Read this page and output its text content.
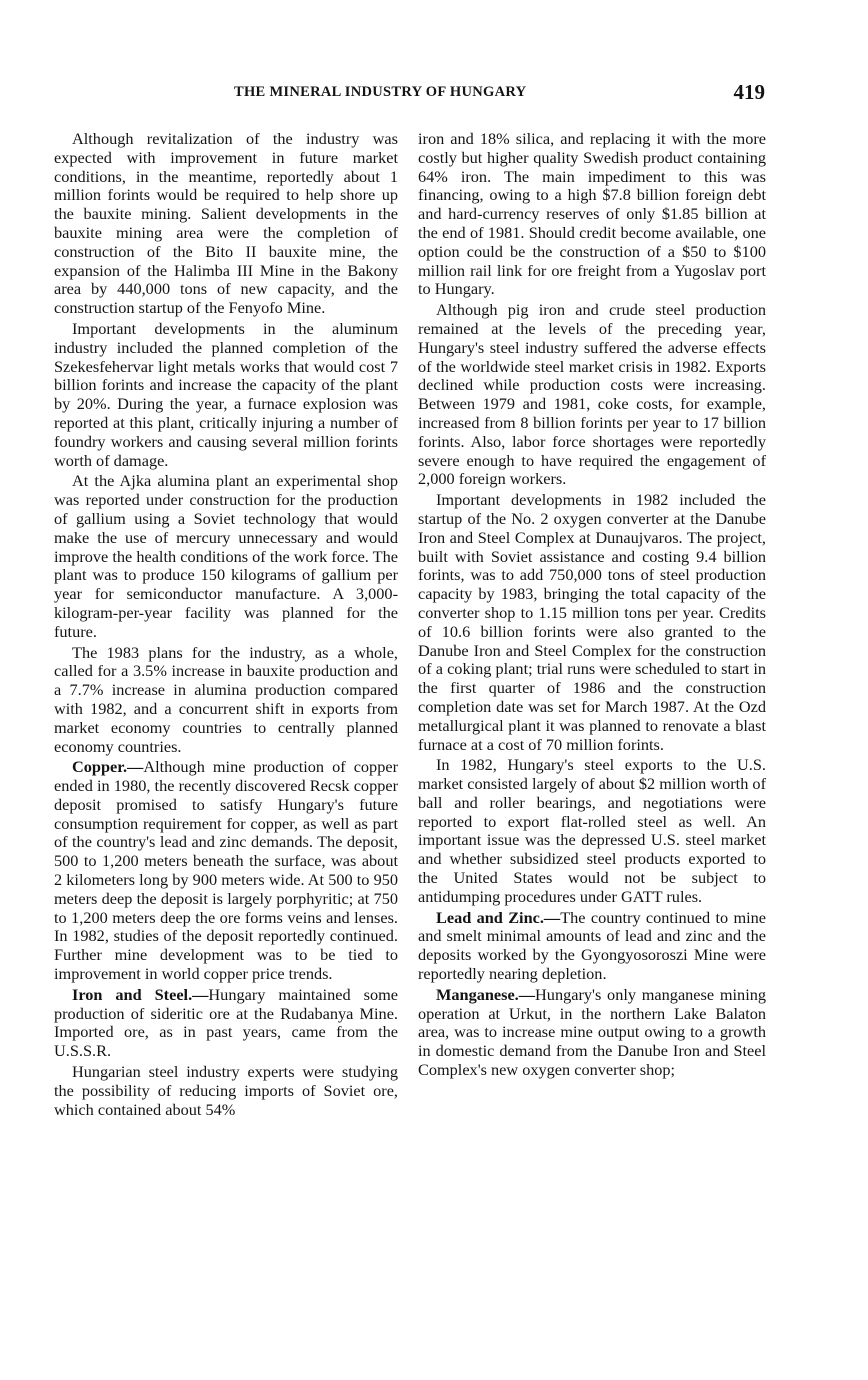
THE MINERAL INDUSTRY OF HUNGARY	419

Although revitalization of the industry was expected with improvement in future market conditions, in the meantime, reportedly about 1 million forints would be required to help shore up the bauxite mining. Salient developments in the bauxite mining area were the completion of construction of the Bito II bauxite mine, the expansion of the Halimba III Mine in the Bakony area by 440,000 tons of new capacity, and the construction startup of the Fenyofo Mine.

Important developments in the aluminum industry included the planned completion of the Szekesfehervar light metals works that would cost 7 billion forints and increase the capacity of the plant by 20%. During the year, a furnace explosion was reported at this plant, critically injuring a number of foundry workers and causing several million forints worth of damage.

At the Ajka alumina plant an experimental shop was reported under construction for the production of gallium using a Soviet technology that would make the use of mercury unnecessary and would improve the health conditions of the work force. The plant was to produce 150 kilograms of gallium per year for semiconductor manufacture. A 3,000-kilogram-per-year facility was planned for the future.

The 1983 plans for the industry, as a whole, called for a 3.5% increase in bauxite production and a 7.7% increase in alumina production compared with 1982, and a concurrent shift in exports from market economy countries to centrally planned economy countries.

Copper.—Although mine production of copper ended in 1980, the recently discovered Recsk copper deposit promised to satisfy Hungary's future consumption requirement for copper, as well as part of the country's lead and zinc demands. The deposit, 500 to 1,200 meters beneath the surface, was about 2 kilometers long by 900 meters wide. At 500 to 950 meters deep the deposit is largely porphyritic; at 750 to 1,200 meters deep the ore forms veins and lenses. In 1982, studies of the deposit reportedly continued. Further mine development was to be tied to improvement in world copper price trends.

Iron and Steel.—Hungary maintained some production of sideritic ore at the Rudabanya Mine. Imported ore, as in past years, came from the U.S.S.R.

Hungarian steel industry experts were studying the possibility of reducing imports of Soviet ore, which contained about 54%

iron and 18% silica, and replacing it with the more costly but higher quality Swedish product containing 64% iron. The main impediment to this was financing, owing to a high $7.8 billion foreign debt and hard-currency reserves of only $1.85 billion at the end of 1981. Should credit become available, one option could be the construction of a $50 to $100 million rail link for ore freight from a Yugoslav port to Hungary.

Although pig iron and crude steel production remained at the levels of the preceding year, Hungary's steel industry suffered the adverse effects of the worldwide steel market crisis in 1982. Exports declined while production costs were increasing. Between 1979 and 1981, coke costs, for example, increased from 8 billion forints per year to 17 billion forints. Also, labor force shortages were reportedly severe enough to have required the engagement of 2,000 foreign workers.

Important developments in 1982 included the startup of the No. 2 oxygen converter at the Danube Iron and Steel Complex at Dunaujvaros. The project, built with Soviet assistance and costing 9.4 billion forints, was to add 750,000 tons of steel production capacity by 1983, bringing the total capacity of the converter shop to 1.15 million tons per year. Credits of 10.6 billion forints were also granted to the Danube Iron and Steel Complex for the construction of a coking plant; trial runs were scheduled to start in the first quarter of 1986 and the construction completion date was set for March 1987. At the Ozd metallurgical plant it was planned to renovate a blast furnace at a cost of 70 million forints.

In 1982, Hungary's steel exports to the U.S. market consisted largely of about $2 million worth of ball and roller bearings, and negotiations were reported to export flat-rolled steel as well. An important issue was the depressed U.S. steel market and whether subsidized steel products exported to the United States would not be subject to antidumping procedures under GATT rules.

Lead and Zinc.—The country continued to mine and smelt minimal amounts of lead and zinc and the deposits worked by the Gyongyosoroszi Mine were reportedly nearing depletion.

Manganese.—Hungary's only manganese mining operation at Urkut, in the northern Lake Balaton area, was to increase mine output owing to a growth in domestic demand from the Danube Iron and Steel Complex's new oxygen converter shop;
